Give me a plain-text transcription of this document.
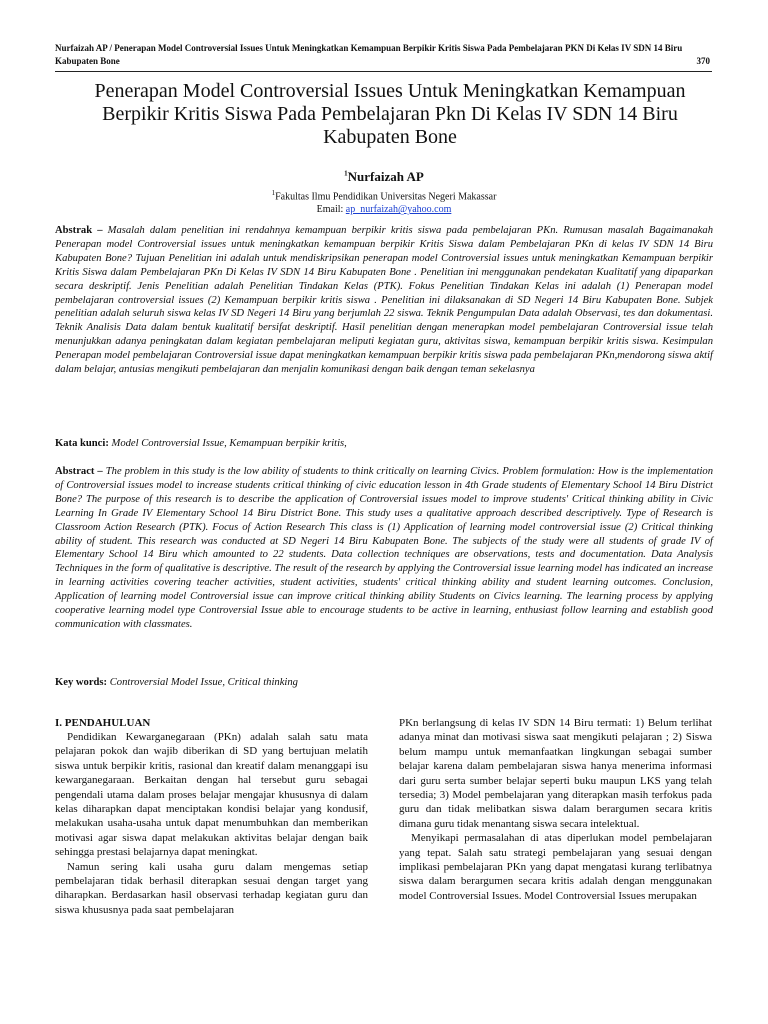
Nurfaizah AP / Penerapan Model Controversial Issues Untuk Meningkatkan Kemampuan Berpikir Kritis Siswa Pada Pembelajaran PKN Di Kelas IV SDN 14 Biru Kabupaten Bone	370
Penerapan Model Controversial Issues Untuk Meningkatkan Kemampuan Berpikir Kritis Siswa Pada Pembelajaran Pkn Di Kelas IV SDN 14 Biru Kabupaten Bone
$^1$Nurfaizah AP
$^1$Fakultas Ilmu Pendidikan Universitas Negeri Makassar
Email: ap_nurfaizah@yahoo.com
Abstrak – Masalah dalam penelitian ini rendahnya kemampuan berpikir kritis siswa pada pembelajaran PKn. Rumusan masalah Bagaimanakah Penerapan model Controversial issues untuk meningkatkan kemampuan berpikir Kritis Siswa dalam Pembelajaran PKn di kelas IV SDN 14 Biru Kabupaten Bone? Tujuan Penelitian ini adalah untuk mendiskripsikan penerapan model Controversial issues untuk meningkatkan Kemampuan berpikir Kritis Siswa dalam Pembelajaran PKn Di Kelas IV SDN 14 Biru Kabupaten Bone . Penelitian ini menggunakan pendekatan Kualitatif yang dipaparkan secara deskriptif. Jenis Penelitian adalah Penelitian Tindakan Kelas (PTK). Fokus Penelitian Tindakan Kelas ini adalah (1) Penerapan model pembelajaran controversial issues (2) Kemampuan berpikir kritis siswa . Penelitian ini dilaksanakan di SD Negeri 14 Biru Kabupaten Bone. Subjek penelitian adalah seluruh siswa kelas IV SD Negeri 14 Biru yang berjumlah 22 siswa. Teknik Pengumpulan Data adalah Observasi, tes dan dokumentasi. Teknik Analisis Data dalam bentuk kualitatif bersifat deskriptif. Hasil penelitian dengan menerapkan model pembelajaran Controversial issue telah menunjukkan adanya peningkatan dalam kegiatan pembelajaran meliputi kegiatan guru, aktivitas siswa, kemampuan berpikir kritis siswa. Kesimpulan Penerapan model pembelajaran Controversial issue dapat meningkatkan kemampuan berpikir kritis siswa pada pembelajaran PKn,mendorong siswa aktif dalam belajar, antusias mengikuti pembelajaran dan menjalin komunikasi dengan baik dengan teman sekelasnya
Kata kunci: Model Controversial Issue, Kemampuan berpikir kritis,
Abstract – The problem in this study is the low ability of students to think critically on learning Civics. Problem formulation: How is the implementation of Controversial issues model to increase students critical thinking of civic education lesson in 4th Grade students of Elementary School 14 Biru District Bone? The purpose of this research is to describe the application of Controversial issues model to improve students' Critical thinking ability in Civic Learning In Grade IV Elementary School 14 Biru District Bone. This study uses a qualitative approach described descriptively. Type of Research is Classroom Action Research (PTK). Focus of Action Research This class is (1) Application of learning model controversial issue (2) Critical thinking ability of student. This research was conducted at SD Negeri 14 Biru Kabupaten Bone. The subjects of the study were all students of grade IV of Elementary School 14 Biru which amounted to 22 students. Data collection techniques are observations, tests and documentation. Data Analysis Techniques in the form of qualitative is descriptive. The result of the research by applying the Controversial issue learning model has indicated an increase in learning activities covering teacher activities, student activities, students' critical thinking ability and student learning outcomes. Conclusion, Application of learning model Controversial issue can improve critical thinking ability Students on Civics learning. The learning process by applying cooperative learning model type Controversial Issue able to encourage students to be active in learning, enthusiast follow learning and establish good communication with classmates.
Key words: Controversial Model Issue, Critical thinking
I. PENDAHULUAN

Pendidikan Kewarganegaraan (PKn) adalah salah satu mata pelajaran pokok dan wajib diberikan di SD yang bertujuan melatih siswa untuk berpikir kritis, rasional dan kreatif dalam menanggapi isu kewarganegaraan. Berkaitan dengan hal tersebut guru sebagai pengendali utama dalam proses belajar mengajar khususnya di dalam kelas diharapkan dapat menciptakan kondisi belajar yang kondusif, melakukan usaha-usaha untuk dapat menumbuhkan dan memberikan motivasi agar siswa dapat melakukan aktivitas belajar dengan baik sehingga prestasi belajarnya dapat meningkat.

Namun sering kali usaha guru dalam mengemas setiap pembelajaran tidak berhasil diterapkan sesuai dengan target yang diharapkan. Berdasarkan hasil observasi terhadap kegiatan guru dan siswa khususnya pada saat pembelajaran

PKn berlangsung di kelas IV SDN 14 Biru termati: 1) Belum terlihat adanya minat dan motivasi siswa saat mengikuti pelajaran ; 2) Siswa belum mampu untuk memanfaatkan lingkungan sebagai sumber belajar karena dalam pembelajaran siswa hanya menerima informasi dari guru serta sumber belajar seperti buku maupun LKS yang telah tersedia; 3) Model pembelajaran yang diterapkan masih terfokus pada guru dan tidak melibatkan siswa dalam berargumen secara kritis dimana guru tidak menantang siswa secara intelektual.

Menyikapi permasalahan di atas diperlukan model pembelajaran yang tepat. Salah satu strategi pembelajaran yang sesuai dengan implikasi pembelajaran PKn yang dapat mengatasi kurang terlibatnya siswa dalam berargumen secara kritis adalah dengan menggunakan model Controversial Issues. Model Controversial Issues merupakan
